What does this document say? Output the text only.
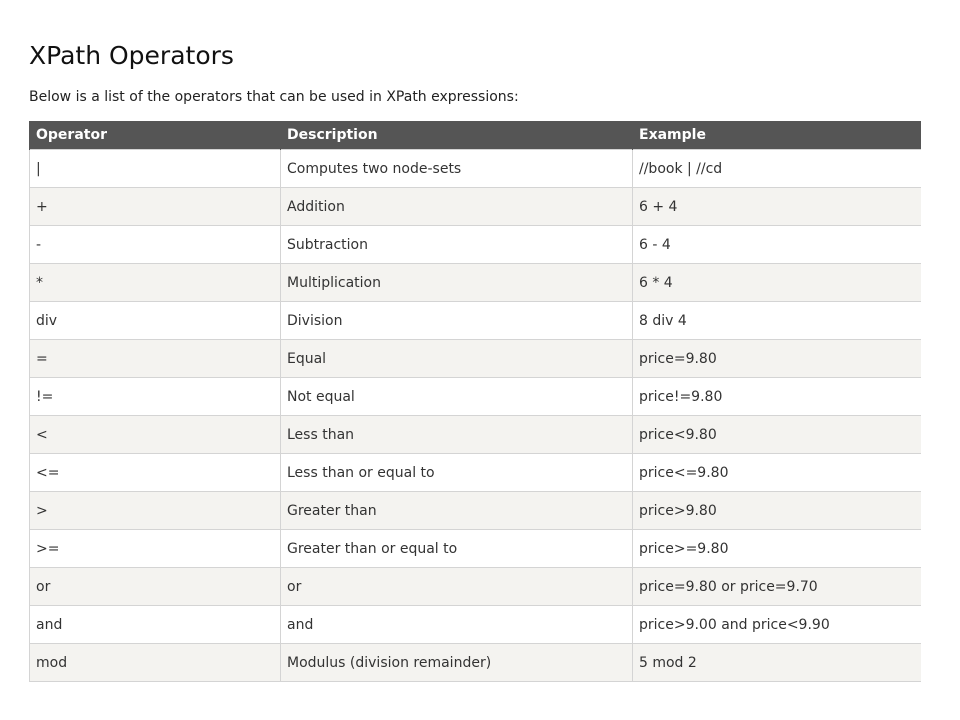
XPath Operators

Below is a list of the operators that can be used in XPath expressions:

Operator	Description	Example
|	Computes two node-sets	//book | //cd
+	Addition	6 + 4
-	Subtraction	6 - 4
*	Multiplication	6 * 4
div	Division	8 div 4
=	Equal	price=9.80
!=	Not equal	price!=9.80
<	Less than	price<9.80
<=	Less than or equal to	price<=9.80
>	Greater than	price>9.80
>=	Greater than or equal to	price>=9.80
or	or	price=9.80 or price=9.70
and	and	price>9.00 and price<9.90
mod	Modulus (division remainder)	5 mod 2
